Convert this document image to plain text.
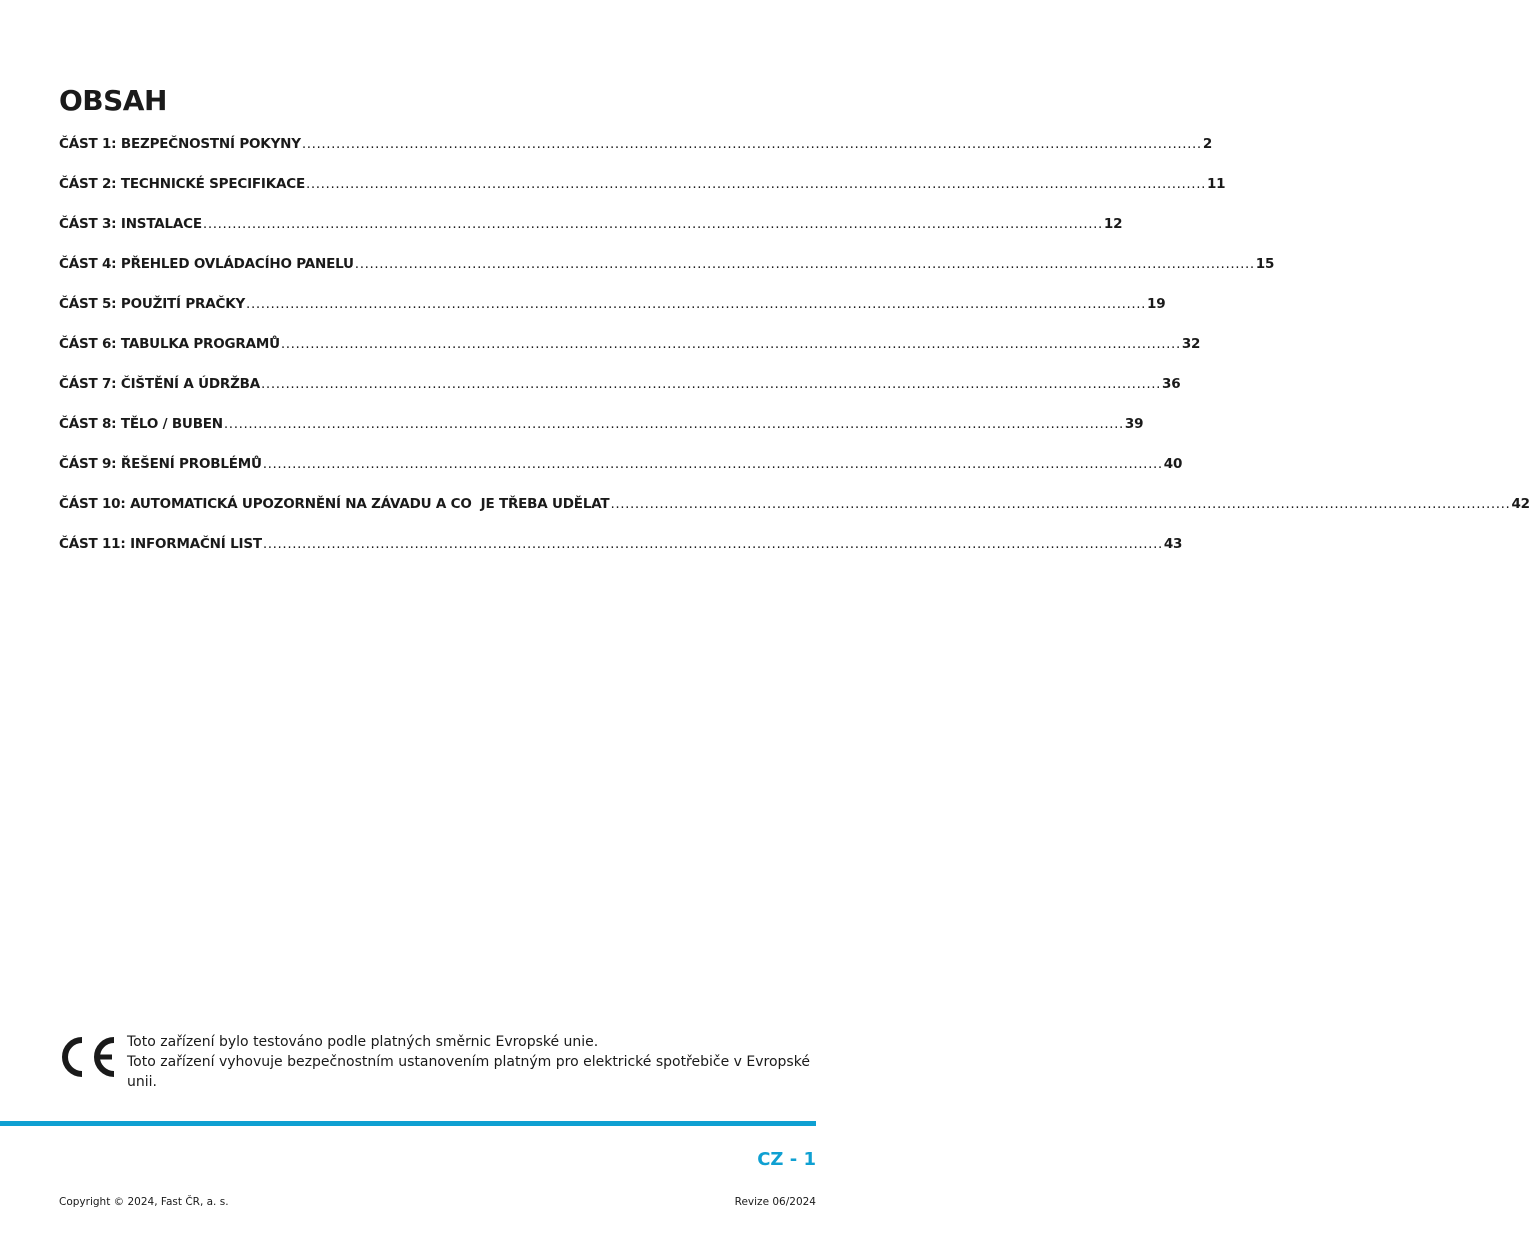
OBSAH
ČÁST 1: BEZPEČNOSTNÍ POKYNY ........................................................................................................................................................................................ 2
ČÁST 2: TECHNICKÉ SPECIFIKACE ........................................................................................................................................................................................ 11
ČÁST 3: INSTALACE ........................................................................................................................................................................................ 12
ČÁST 4: PŘEHLED OVLÁDACÍHO PANELU ........................................................................................................................................................................................ 15
ČÁST 5: POUŽITÍ PRAČKY ........................................................................................................................................................................................ 19
ČÁST 6: TABULKA PROGRAMŮ ........................................................................................................................................................................................ 32
ČÁST 7: ČIŠTĚNÍ A ÚDRŽBA ........................................................................................................................................................................................ 36
ČÁST 8: TĚLO / BUBEN ........................................................................................................................................................................................ 39
ČÁST 9: ŘEŠENÍ PROBLÉMŮ ........................................................................................................................................................................................ 40
ČÁST 10: AUTOMATICKÁ UPOZORNĚNÍ NA ZÁVADU A CO  JE TŘEBA UDĚLAT ........................................................................................................................................................................................ 42
ČÁST 11: INFORMAČNÍ LIST ........................................................................................................................................................................................ 43
Toto zařízení bylo testováno podle platných směrnic Evropské unie.
Toto zařízení vyhovuje bezpečnostním ustanovením platným pro elektrické spotřebiče v Evropské unii.
CZ - 1
Copyright © 2024, Fast ČR, a. s.	Revize 06/2024
